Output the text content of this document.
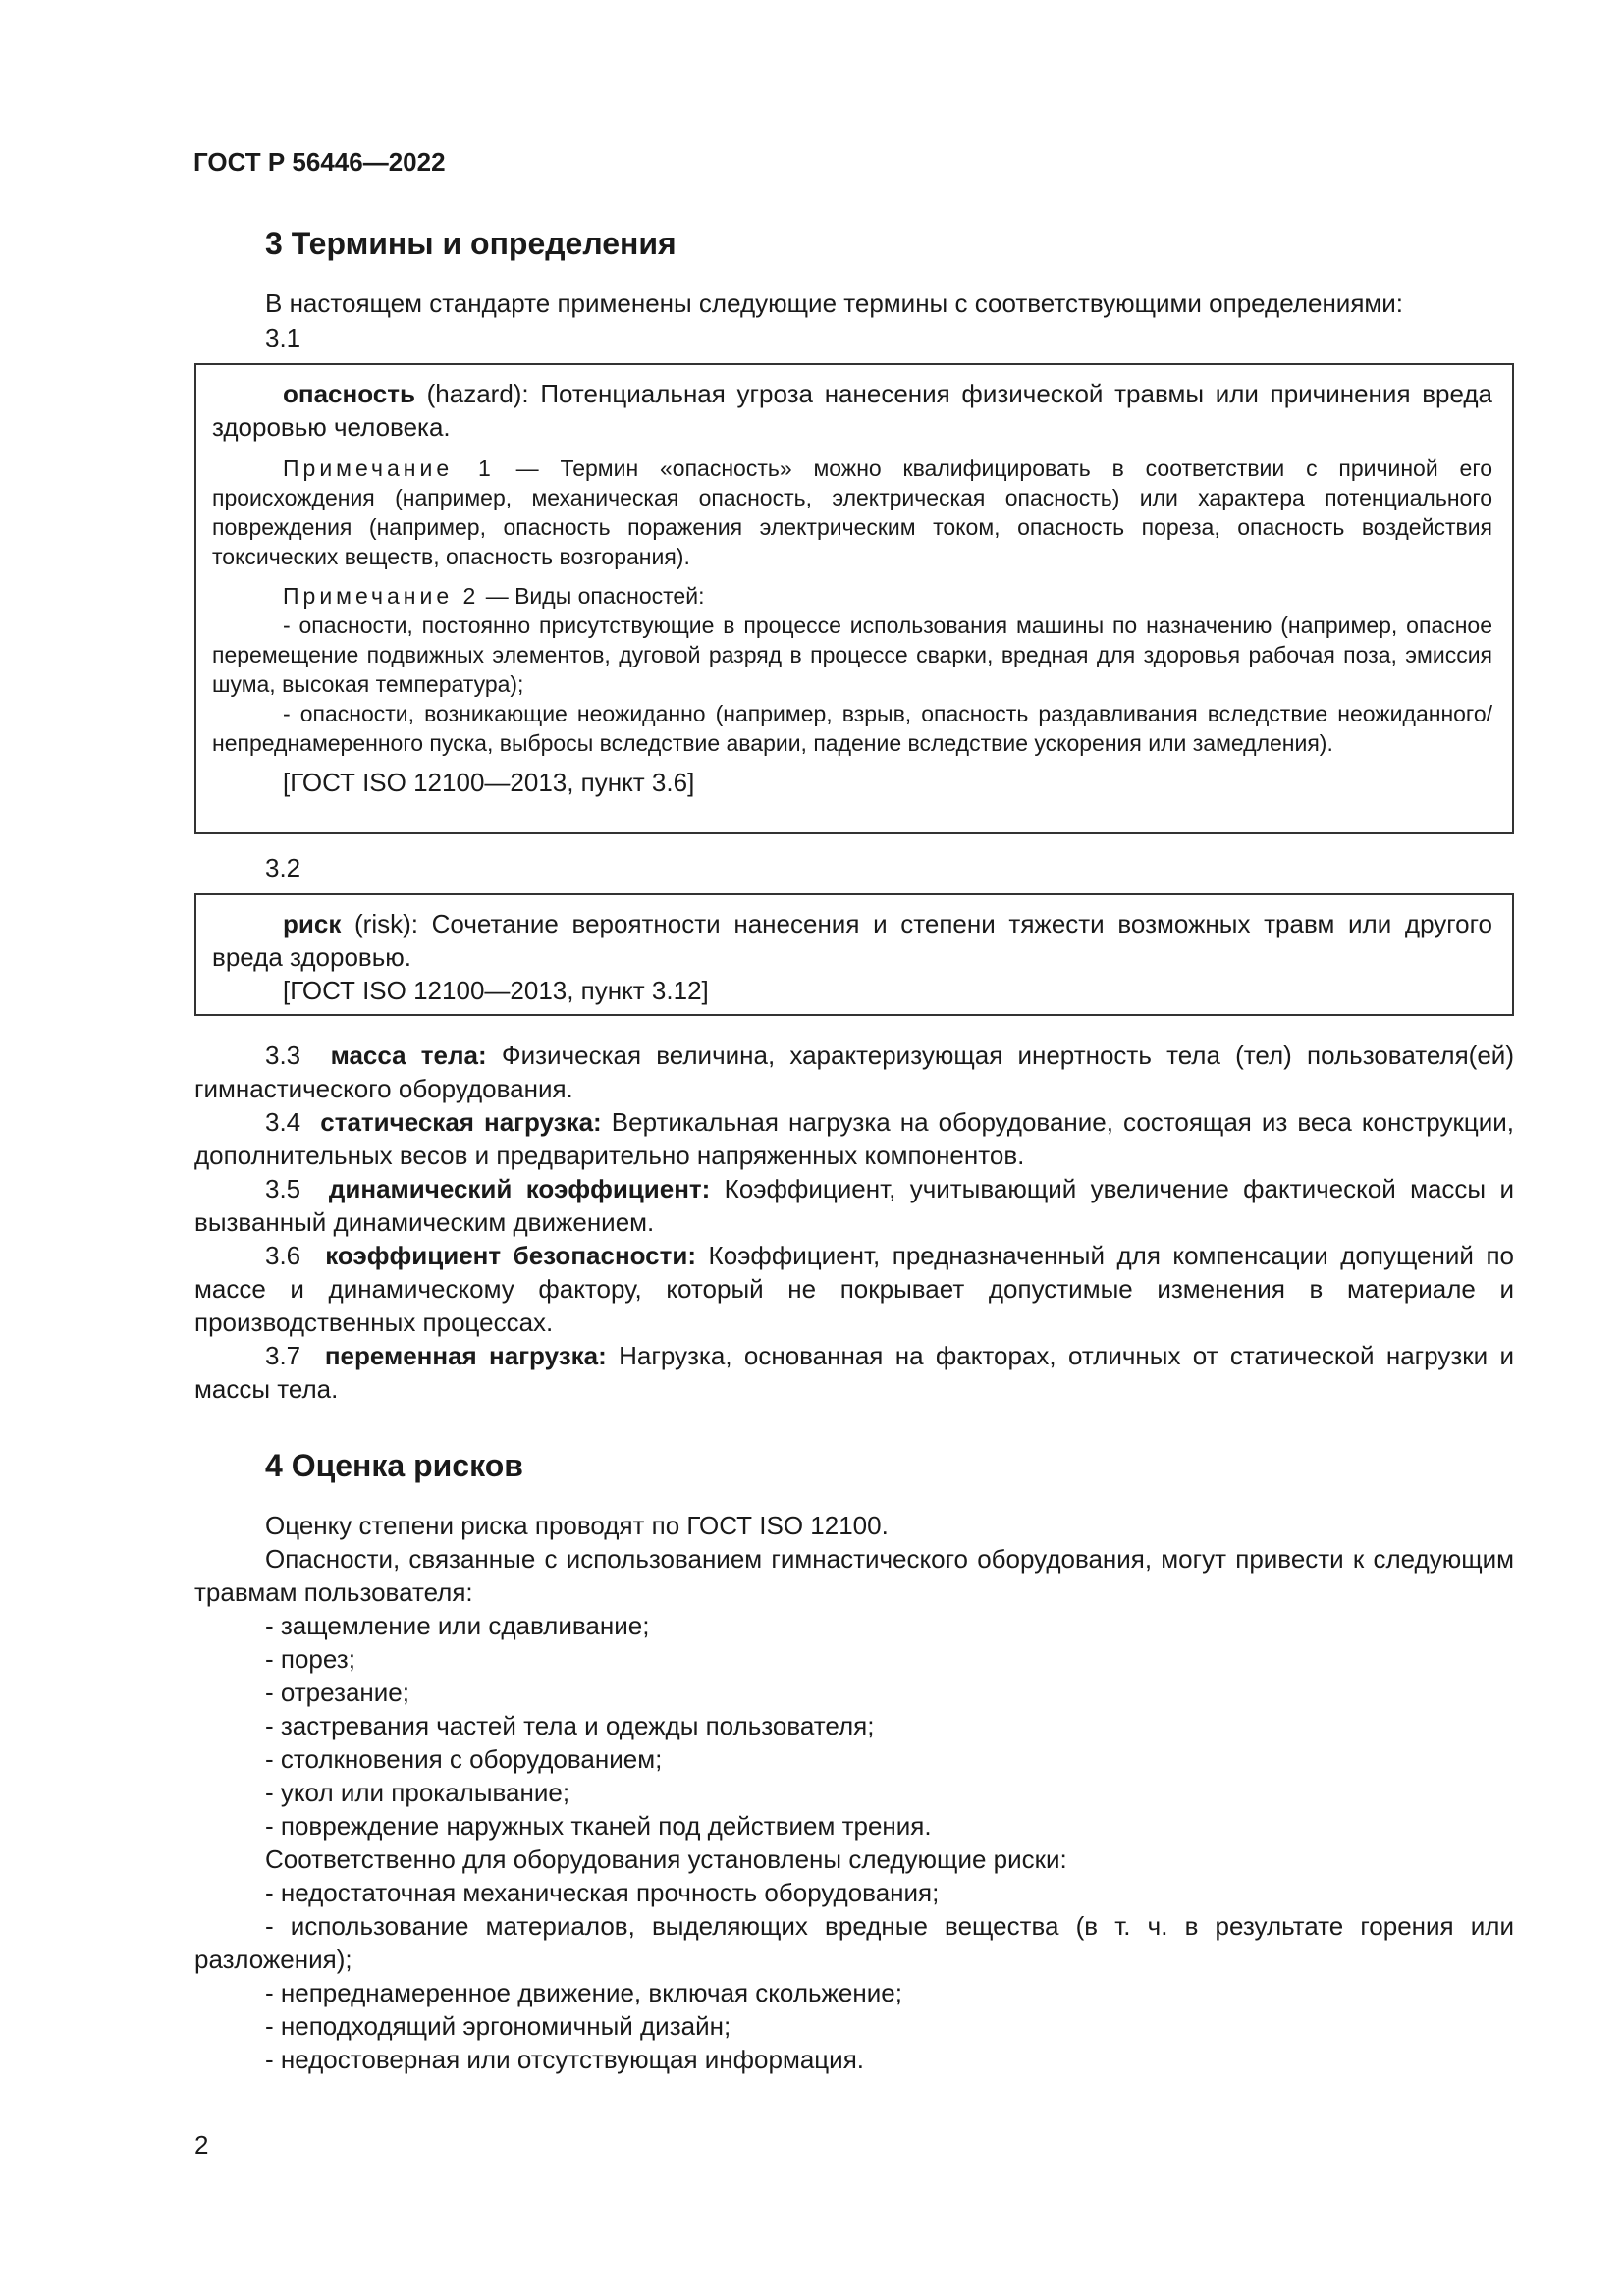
ГОСТ Р 56446—2022
3 Термины и определения
В настоящем стандарте применены следующие термины с соответствующими определениями:
3.1

опасность (hazard): Потенциальная угроза нанесения физической травмы или причинения вреда здоровью человека.

Примечание 1 — Термин «опасность» можно квалифицировать в соответствии с причиной его происхождения (например, механическая опасность, электрическая опасность) или характера потенциального повреждения (например, опасность поражения электрическим током, опасность пореза, опасность воздействия токсических веществ, опасность возгорания).

Примечание 2 — Виды опасностей:

- опасности, постоянно присутствующие в процессе использования машины по назначению (например, опасное перемещение подвижных элементов, дуговой разряд в процессе сварки, вредная для здоровья рабочая поза, эмиссия шума, высокая температура);

- опасности, возникающие неожиданно (например, взрыв, опасность раздавливания вследствие неожиданного/непреднамеренного пуска, выбросы вследствие аварии, падение вследствие ускорения или замедления).

[ГОСТ ISO 12100—2013, пункт 3.6]

3.2

риск (risk): Сочетание вероятности нанесения и степени тяжести возможных травм или другого вреда здоровью.

[ГОСТ ISO 12100—2013, пункт 3.12]

3.3 масса тела: Физическая величина, характеризующая инертность тела (тел) пользователя(ей) гимнастического оборудования.

3.4 статическая нагрузка: Вертикальная нагрузка на оборудование, состоящая из веса конструкции, дополнительных весов и предварительно напряженных компонентов.

3.5 динамический коэффициент: Коэффициент, учитывающий увеличение фактической массы и вызванный динамическим движением.

3.6 коэффициент безопасности: Коэффициент, предназначенный для компенсации допущений по массе и динамическому фактору, который не покрывает допустимые изменения в материале и производственных процессах.

3.7 переменная нагрузка: Нагрузка, основанная на факторах, отличных от статической нагрузки и массы тела.

4 Оценка рисков

Оценку степени риска проводят по ГОСТ ISO 12100.

Опасности, связанные с использованием гимнастического оборудования, могут привести к следующим травмам пользователя:

- защемление или сдавливание;

- порез;

- отрезание;

- застревания частей тела и одежды пользователя;

- столкновения с оборудованием;

- укол или прокалывание;

- повреждение наружных тканей под действием трения.

Соответственно для оборудования установлены следующие риски:

- недостаточная механическая прочность оборудования;

- использование материалов, выделяющих вредные вещества (в т. ч. в результате горения или разложения);

- непреднамеренное движение, включая скольжение;

- неподходящий эргономичный дизайн;

- недостоверная или отсутствующая информация.

2
